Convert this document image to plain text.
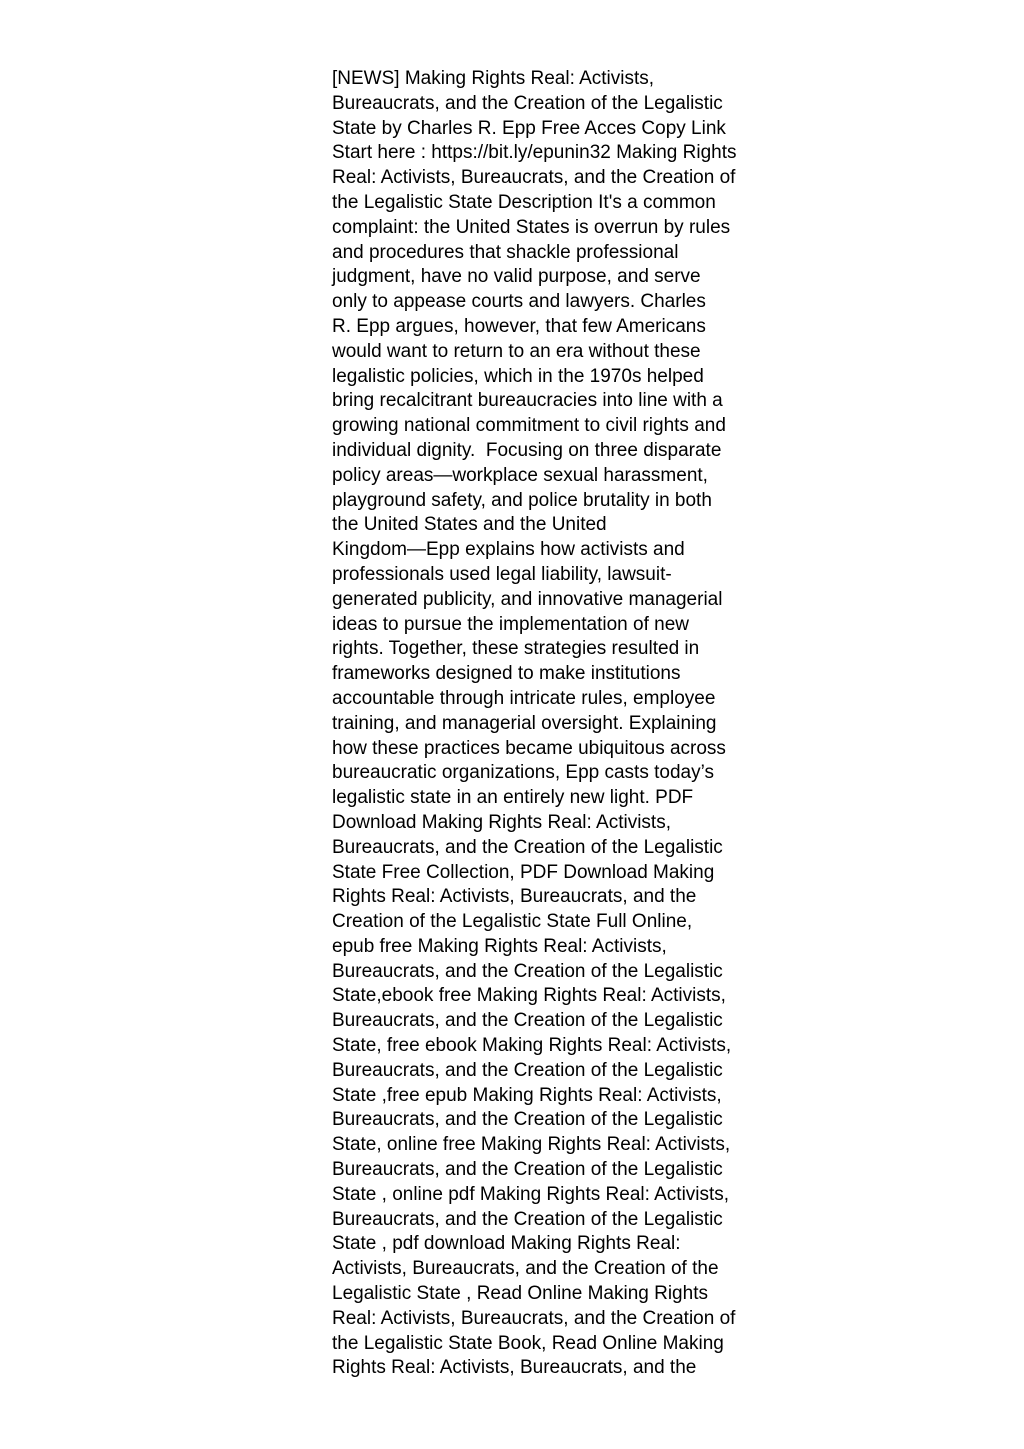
[NEWS] Making Rights Real: Activists,

Bureaucrats, and the Creation of the Legalistic

State by Charles R. Epp Free Acces Copy Link

Start here : https://bit.ly/epunin32 Making Rights

Real: Activists, Bureaucrats, and the Creation of

the Legalistic State Description It's a common

complaint: the United States is overrun by rules

and procedures that shackle professional

judgment, have no valid purpose, and serve

only to appease courts and lawyers. Charles

R. Epp argues, however, that few Americans

would want to return to an era without these

legalistic policies, which in the 1970s helped

bring recalcitrant bureaucracies into line with a

growing national commitment to civil rights and

individual dignity.  Focusing on three disparate

policy areas—workplace sexual harassment,

playground safety, and police brutality in both

the United States and the United

Kingdom—Epp explains how activists and

professionals used legal liability, lawsuit-

generated publicity, and innovative managerial

ideas to pursue the implementation of new

rights. Together, these strategies resulted in

frameworks designed to make institutions

accountable through intricate rules, employee

training, and managerial oversight. Explaining

how these practices became ubiquitous across

bureaucratic organizations, Epp casts today’s

legalistic state in an entirely new light. PDF

Download Making Rights Real: Activists,

Bureaucrats, and the Creation of the Legalistic

State Free Collection, PDF Download Making

Rights Real: Activists, Bureaucrats, and the

Creation of the Legalistic State Full Online,

epub free Making Rights Real: Activists,

Bureaucrats, and the Creation of the Legalistic

State,ebook free Making Rights Real: Activists,

Bureaucrats, and the Creation of the Legalistic

State, free ebook Making Rights Real: Activists,

Bureaucrats, and the Creation of the Legalistic

State ,free epub Making Rights Real: Activists,

Bureaucrats, and the Creation of the Legalistic

State, online free Making Rights Real: Activists,

Bureaucrats, and the Creation of the Legalistic

State , online pdf Making Rights Real: Activists,

Bureaucrats, and the Creation of the Legalistic

State , pdf download Making Rights Real:

Activists, Bureaucrats, and the Creation of the

Legalistic State , Read Online Making Rights

Real: Activists, Bureaucrats, and the Creation of

the Legalistic State Book, Read Online Making

Rights Real: Activists, Bureaucrats, and the
